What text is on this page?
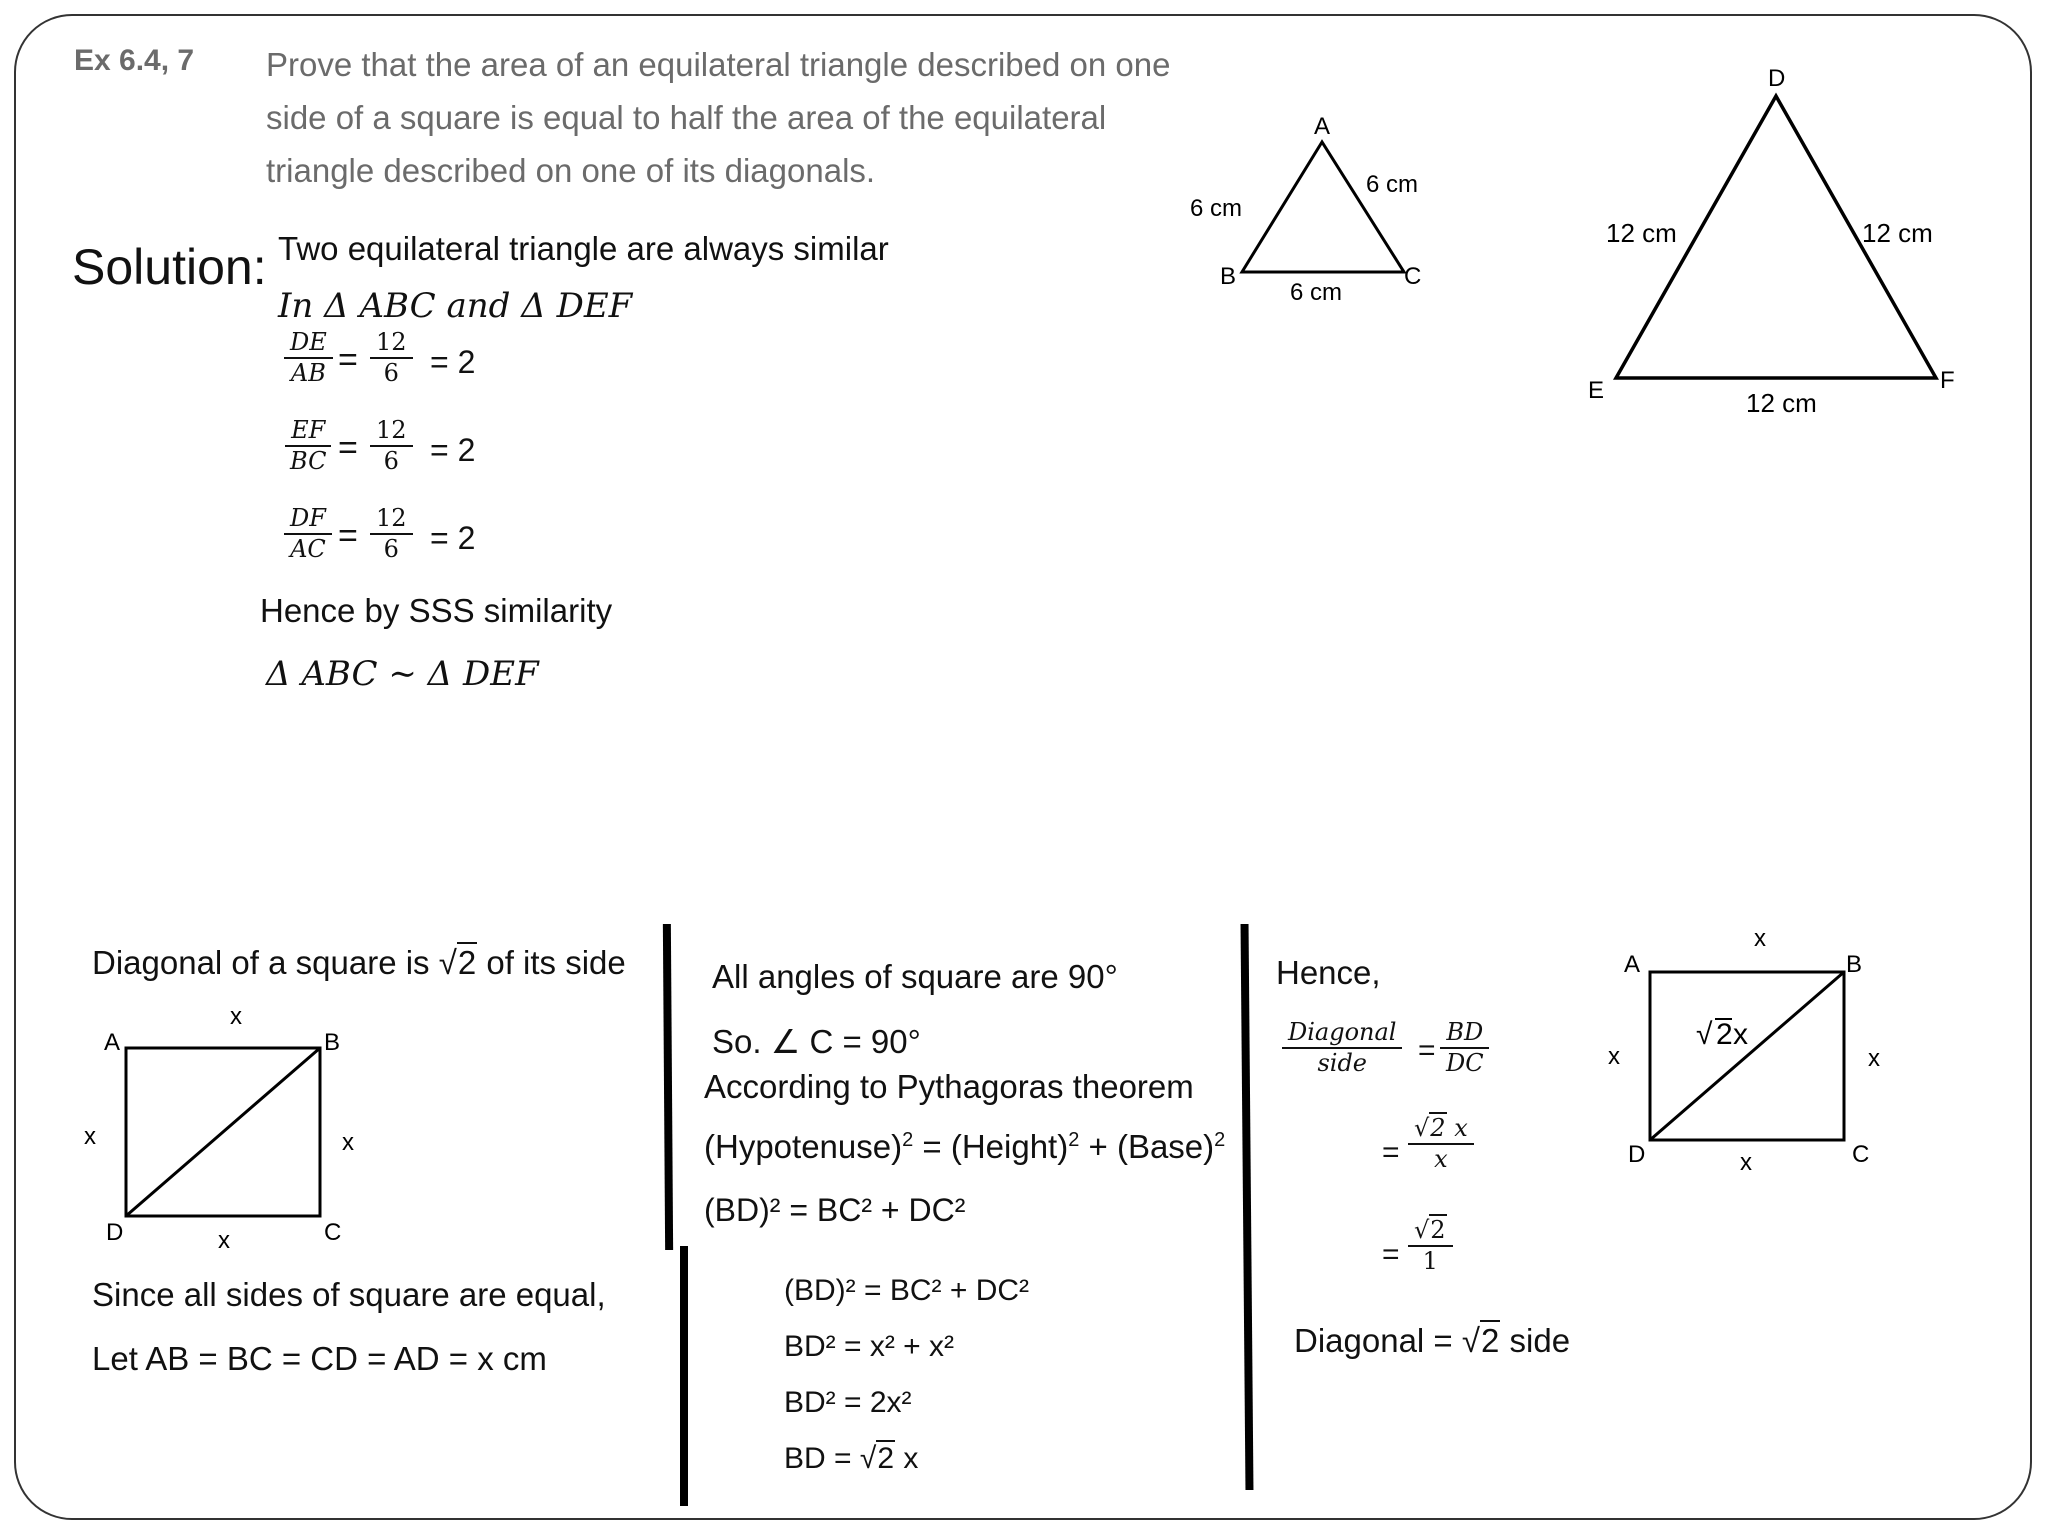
Ex 6.4, 7 Prove that the area of an equilateral triangle described on one
side of a square is equal to half the area of the equilateral
triangle described on one of its diagonals.
Solution: Two equilateral triangle are always similar
In Δ ABC and Δ DEF
$\frac{DE}{AB} = \frac{12}{6} = 2$
$\frac{EF}{BC} = \frac{12}{6} = 2$
$\frac{DF}{AC} = \frac{12}{6} = 2$
Hence by SSS similarity
Δ ABC ∼ Δ DEF
A
B	C
6 cm
6 cm
6 cm
D
E	F
12 cm	12 cm
12 cm
Diagonal of a square is √2 of its side
A	B
C
D
x
x
x	x
Since all sides of square are equal,
Let AB = BC = CD = AD = x cm
All angles of square are 90°
So. ∠ C = 90°
According to Pythagoras theorem
(Hypotenuse)$^2$ = (Height)$^2$ + (Base)$^2$
(BD)² = BC² + DC²
(BD)² = BC² + DC²
BD² = x² + x²
BD² = 2x²
BD = √2 x
Hence,
Diagonal
side = $\frac{BD}{DC}$
= $\frac{√2 x}{x}$
= $\frac{√2}{1}$
Diagonal = √2 side
A	B
C
D
x
x
x	x
√ 2 x
